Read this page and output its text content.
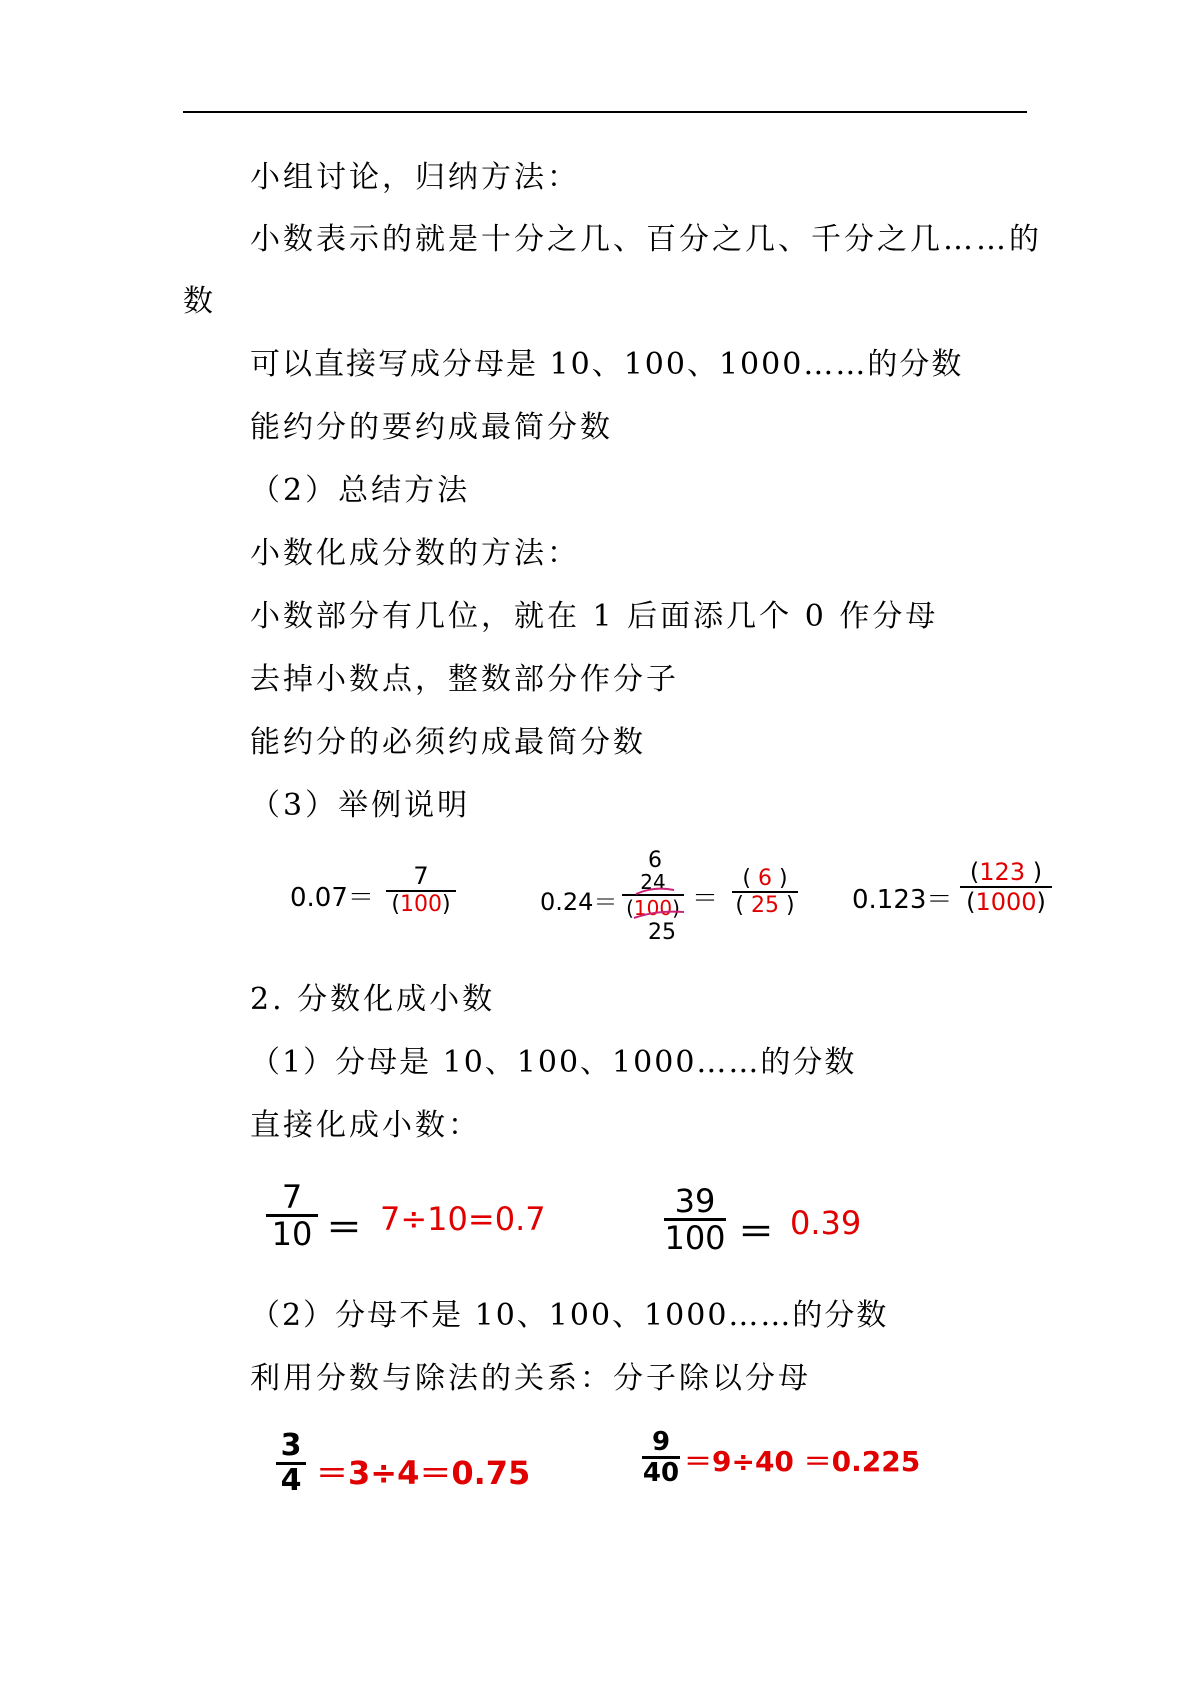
小组讨论，归纳方法：
小数表示的就是十分之几、百分之几、千分之几……的
数
可以直接写成分母是 10、100、1000……的分数
能约分的要约成最简分数
（2）总结方法
小数化成分数的方法：
小数部分有几位，就在 1 后面添几个 0 作分母
去掉小数点，整数部分作分子
能约分的必须约成最简分数
（3）举例说明
0.07＝
7
(100)	0.24＝
6
24
(100)
25
＝
( 6 )
( 25 ) 0.123＝
(123 )
(1000)
2. 分数化成小数
（1）分母是 10、100、1000……的分数
直接化成小数：
7
10 ＝ 7÷10=0.7	39
100 ＝ 0.39
（2）分母不是 10、100、1000……的分数
利用分数与除法的关系：分子除以分母
3
4 ＝3÷4＝0.75
9
40 ＝9÷40 ＝0.225
